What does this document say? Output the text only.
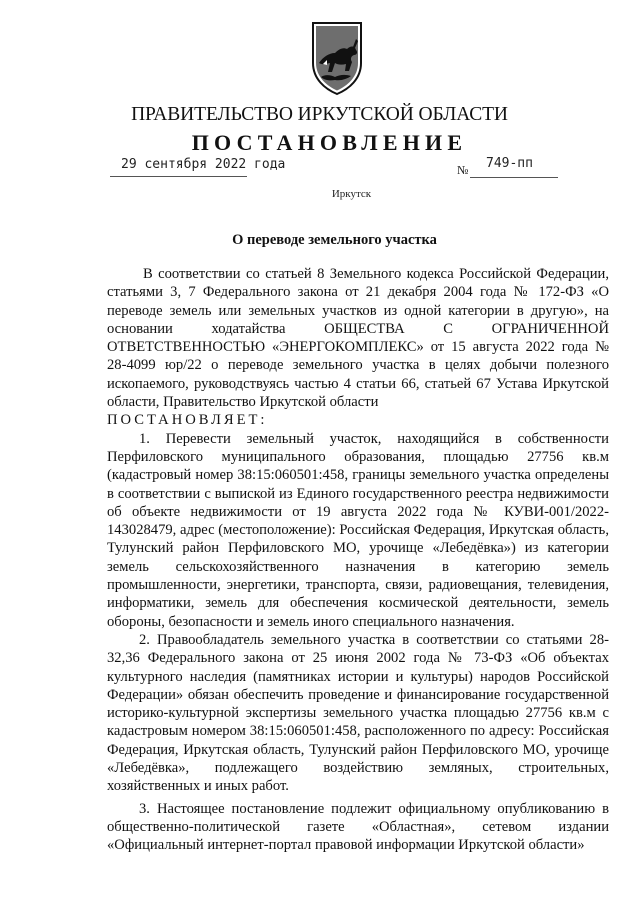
ПРАВИТЕЛЬСТВО ИРКУТСКОЙ ОБЛАСТИ
ПОСТАНОВЛЕНИЕ
29 сентября 2022 года	№ 749-пп
Иркутск
О переводе земельного участка

В соответствии со статьей 8 Земельного кодекса Российской Федерации, статьями 3, 7 Федерального закона от 21 декабря 2004 года № 172-ФЗ «О переводе земель или земельных участков из одной категории в другую», на основании ходатайства ОБЩЕСТВА С ОГРАНИЧЕННОЙ ОТВЕТСТВЕННОСТЬЮ «ЭНЕРГОКОМПЛЕКС» от 15 августа 2022 года № 28-4099 юр/22 о переводе земельного участка в целях добычи полезного ископаемого, руководствуясь частью 4 статьи 66, статьей 67 Устава Иркутской области, Правительство Иркутской области

ПОСТАНОВЛЯЕТ:

1. Перевести земельный участок, находящийся в собственности Перфиловского муниципального образования, площадью 27756 кв.м (кадастровый номер 38:15:060501:458, границы земельного участка определены в соответствии с выпиской из Единого государственного реестра недвижимости об объекте недвижимости от 19 августа 2022 года № КУВИ-001/2022-143028479, адрес (местоположение): Российская Федерация, Иркутская область, Тулунский район Перфиловского МО, урочище «Лебедёвка») из категории земель сельскохозяйственного назначения в категорию земель промышленности, энергетики, транспорта, связи, радиовещания, телевидения, информатики, земель для обеспечения космической деятельности, земель обороны, безопасности и земель иного специального назначения.

2. Правообладатель земельного участка в соответствии со статьями 28-32,36 Федерального закона от 25 июня 2002 года № 73-ФЗ «Об объектах культурного наследия (памятниках истории и культуры) народов Российской Федерации» обязан обеспечить проведение и финансирование государственной историко-культурной экспертизы земельного участка площадью 27756 кв.м с кадастровым номером 38:15:060501:458, расположенного по адресу: Российская Федерация, Иркутская область, Тулунский район Перфиловского МО, урочище «Лебедёвка», подлежащего воздействию земляных, строительных, хозяйственных и иных работ.

3. Настоящее постановление подлежит официальному опубликованию в общественно-политической газете «Областная», сетевом издании «Официальный интернет-портал правовой информации Иркутской области»
